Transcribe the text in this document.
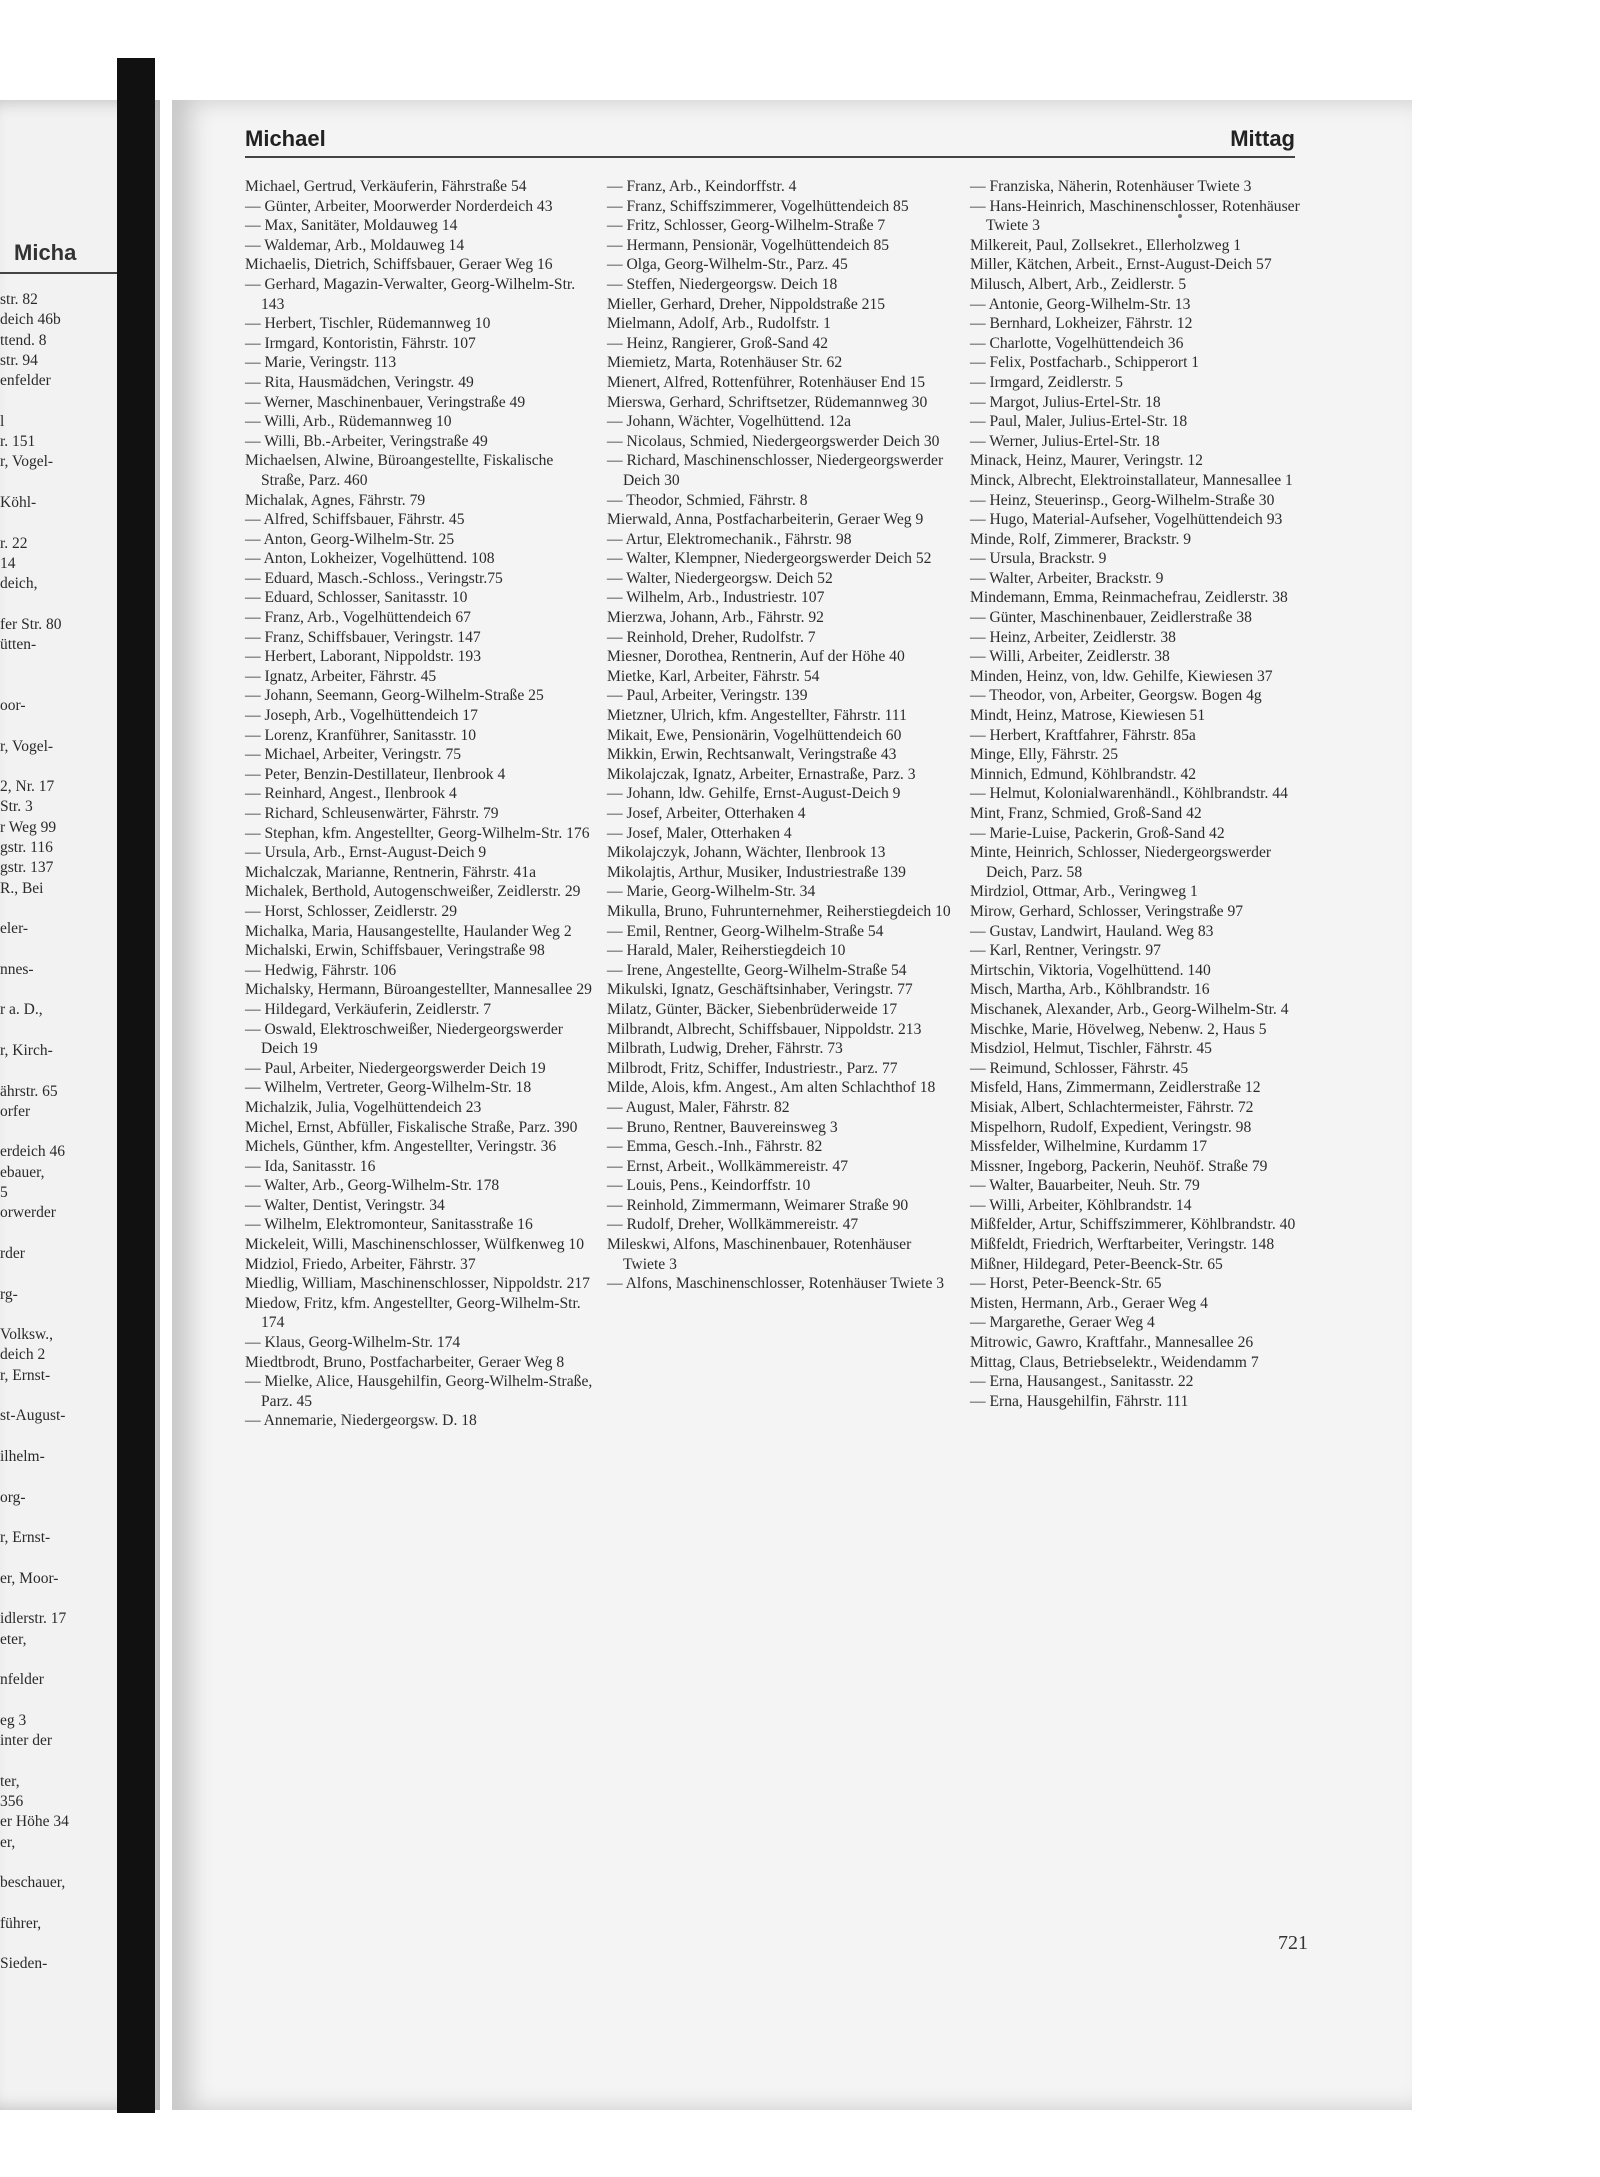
Micha
str. 82
deich 46b
ttend. 8
str. 94
enfelder
l
r. 151
r, Vogel-
Köhl-
r. 22
14
deich,
fer Str. 80
ütten-
oor-
r, Vogel-
2, Nr. 17
Str. 3
r Weg 99
gstr. 116
gstr. 137
R., Bei
eler-
nnes-
r a. D.,
r, Kirch-
ährstr. 65
orfer
erdeich 46
ebauer,
5
orwerder
rder
rg-
Volksw.,
deich 2
r, Ernst-
st-August-
ilhelm-
org-
r, Ernst-
er, Moor-
idlerstr. 17
eter,
nfelder
eg 3
inter der
ter,
356
er Höhe 34
er,
beschauer,
führer,
Sieden-
Michael	Mittag
Michael, Gertrud, Verkäuferin, Fährstraße 54
— Günter, Arbeiter, Moorwerder Norderdeich 43
— Max, Sanitäter, Moldauweg 14
— Waldemar, Arb., Moldauweg 14
Michaelis, Dietrich, Schiffsbauer, Geraer Weg 16
— Gerhard, Magazin-Verwalter, Georg-Wilhelm-Str. 143
— Herbert, Tischler, Rüdemannweg 10
— Irmgard, Kontoristin, Fährstr. 107
— Marie, Veringstr. 113
— Rita, Hausmädchen, Veringstr. 49
— Werner, Maschinenbauer, Veringstraße 49
— Willi, Arb., Rüdemannweg 10
— Willi, Bb.-Arbeiter, Veringstraße 49
Michaelsen, Alwine, Büroangestellte, Fiskalische Straße, Parz. 460
Michalak, Agnes, Fährstr. 79
— Alfred, Schiffsbauer, Fährstr. 45
— Anton, Georg-Wilhelm-Str. 25
— Anton, Lokheizer, Vogelhüttend. 108
— Eduard, Masch.-Schloss., Veringstr.75
— Eduard, Schlosser, Sanitasstr. 10
— Franz, Arb., Vogelhüttendeich 67
— Franz, Schiffsbauer, Veringstr. 147
— Herbert, Laborant, Nippoldstr. 193
— Ignatz, Arbeiter, Fährstr. 45
— Johann, Seemann, Georg-Wilhelm-Straße 25
— Joseph, Arb., Vogelhüttendeich 17
— Lorenz, Kranführer, Sanitasstr. 10
— Michael, Arbeiter, Veringstr. 75
— Peter, Benzin-Destillateur, Ilenbrook 4
— Reinhard, Angest., Ilenbrook 4
— Richard, Schleusenwärter, Fährstr. 79
— Stephan, kfm. Angestellter, Georg-Wilhelm-Str. 176
— Ursula, Arb., Ernst-August-Deich 9
Michalczak, Marianne, Rentnerin, Fährstr. 41a
Michalek, Berthold, Autogenschweißer, Zeidlerstr. 29
— Horst, Schlosser, Zeidlerstr. 29
Michalka, Maria, Hausangestellte, Haulander Weg 2
Michalski, Erwin, Schiffsbauer, Veringstraße 98
— Hedwig, Fährstr. 106
Michalsky, Hermann, Büroangestellter, Mannesallee 29
— Hildegard, Verkäuferin, Zeidlerstr. 7
— Oswald, Elektroschweißer, Niedergeorgswerder Deich 19
— Paul, Arbeiter, Niedergeorgswerder Deich 19
— Wilhelm, Vertreter, Georg-Wilhelm-Str. 18
Michalzik, Julia, Vogelhüttendeich 23
Michel, Ernst, Abfüller, Fiskalische Straße, Parz. 390
Michels, Günther, kfm. Angestellter, Veringstr. 36
— Ida, Sanitasstr. 16
— Walter, Arb., Georg-Wilhelm-Str. 178
— Walter, Dentist, Veringstr. 34
— Wilhelm, Elektromonteur, Sanitasstraße 16
Mickeleit, Willi, Maschinenschlosser, Wülfkenweg 10
Midziol, Friedo, Arbeiter, Fährstr. 37
Miedlig, William, Maschinenschlosser, Nippoldstr. 217
Miedow, Fritz, kfm. Angestellter, Georg-Wilhelm-Str. 174
— Klaus, Georg-Wilhelm-Str. 174
Miedtbrodt, Bruno, Postfacharbeiter, Geraer Weg 8
— Mielke, Alice, Hausgehilfin, Georg-Wilhelm-Straße, Parz. 45
— Annemarie, Niedergeorgsw. D. 18
— Franz, Arb., Keindorffstr. 4
— Franz, Schiffszimmerer, Vogelhüttendeich 85
— Fritz, Schlosser, Georg-Wilhelm-Straße 7
— Hermann, Pensionär, Vogelhüttendeich 85
— Olga, Georg-Wilhelm-Str., Parz. 45
— Steffen, Niedergeorgsw. Deich 18
Mieller, Gerhard, Dreher, Nippoldstraße 215
Mielmann, Adolf, Arb., Rudolfstr. 1
— Heinz, Rangierer, Groß-Sand 42
Miemietz, Marta, Rotenhäuser Str. 62
Mienert, Alfred, Rottenführer, Rotenhäuser End 15
Mierswa, Gerhard, Schriftsetzer, Rüdemannweg 30
— Johann, Wächter, Vogelhüttend. 12a
— Nicolaus, Schmied, Niedergeorgswerder Deich 30
— Richard, Maschinenschlosser, Niedergeorgswerder Deich 30
— Theodor, Schmied, Fährstr. 8
Mierwald, Anna, Postfacharbeiterin, Geraer Weg 9
— Artur, Elektromechanik., Fährstr. 98
— Walter, Klempner, Niedergeorgswerder Deich 52
— Walter, Niedergeorgsw. Deich 52
— Wilhelm, Arb., Industriestr. 107
Mierzwa, Johann, Arb., Fährstr. 92
— Reinhold, Dreher, Rudolfstr. 7
Miesner, Dorothea, Rentnerin, Auf der Höhe 40
Mietke, Karl, Arbeiter, Fährstr. 54
— Paul, Arbeiter, Veringstr. 139
Mietzner, Ulrich, kfm. Angestellter, Fährstr. 111
Mikait, Ewe, Pensionärin, Vogelhüttendeich 60
Mikkin, Erwin, Rechtsanwalt, Veringstraße 43
Mikolajczak, Ignatz, Arbeiter, Ernastraße, Parz. 3
— Johann, ldw. Gehilfe, Ernst-August-Deich 9
— Josef, Arbeiter, Otterhaken 4
— Josef, Maler, Otterhaken 4
Mikolajczyk, Johann, Wächter, Ilenbrook 13
Mikolajtis, Arthur, Musiker, Industriestraße 139
— Marie, Georg-Wilhelm-Str. 34
Mikulla, Bruno, Fuhrunternehmer, Reiherstiegdeich 10
— Emil, Rentner, Georg-Wilhelm-Straße 54
— Harald, Maler, Reiherstiegdeich 10
— Irene, Angestellte, Georg-Wilhelm-Straße 54
Mikulski, Ignatz, Geschäftsinhaber, Veringstr. 77
Milatz, Günter, Bäcker, Siebenbrüderweide 17
Milbrandt, Albrecht, Schiffsbauer, Nippoldstr. 213
Milbrath, Ludwig, Dreher, Fährstr. 73
Milbrodt, Fritz, Schiffer, Industriestr., Parz. 77
Milde, Alois, kfm. Angest., Am alten Schlachthof 18
— August, Maler, Fährstr. 82
— Bruno, Rentner, Bauvereinsweg 3
— Emma, Gesch.-Inh., Fährstr. 82
— Ernst, Arbeit., Wollkämmereistr. 47
— Louis, Pens., Keindorffstr. 10
— Reinhold, Zimmermann, Weimarer Straße 90
— Rudolf, Dreher, Wollkämmereistr. 47
Mileskwi, Alfons, Maschinenbauer, Rotenhäuser Twiete 3
— Alfons, Maschinenschlosser, Rotenhäuser Twiete 3
— Franziska, Näherin, Rotenhäuser Twiete 3
— Hans-Heinrich, Maschinenschlosser, Rotenhäuser Twiete 3
Milkereit, Paul, Zollsekret., Ellerholzweg 1
Miller, Kätchen, Arbeit., Ernst-August-Deich 57
Milusch, Albert, Arb., Zeidlerstr. 5
— Antonie, Georg-Wilhelm-Str. 13
— Bernhard, Lokheizer, Fährstr. 12
— Charlotte, Vogelhüttendeich 36
— Felix, Postfacharb., Schipperort 1
— Irmgard, Zeidlerstr. 5
— Margot, Julius-Ertel-Str. 18
— Paul, Maler, Julius-Ertel-Str. 18
— Werner, Julius-Ertel-Str. 18
Minack, Heinz, Maurer, Veringstr. 12
Minck, Albrecht, Elektroinstallateur, Mannesallee 1
— Heinz, Steuerinsp., Georg-Wilhelm-Straße 30
— Hugo, Material-Aufseher, Vogelhüttendeich 93
Minde, Rolf, Zimmerer, Brackstr. 9
— Ursula, Brackstr. 9
— Walter, Arbeiter, Brackstr. 9
Mindemann, Emma, Reinmachefrau, Zeidlerstr. 38
— Günter, Maschinenbauer, Zeidlerstraße 38
— Heinz, Arbeiter, Zeidlerstr. 38
— Willi, Arbeiter, Zeidlerstr. 38
Minden, Heinz, von, ldw. Gehilfe, Kiewiesen 37
— Theodor, von, Arbeiter, Georgsw. Bogen 4g
Mindt, Heinz, Matrose, Kiewiesen 51
— Herbert, Kraftfahrer, Fährstr. 85a
Minge, Elly, Fährstr. 25
Minnich, Edmund, Köhlbrandstr. 42
— Helmut, Kolonialwarenhändl., Köhlbrandstr. 44
Mint, Franz, Schmied, Groß-Sand 42
— Marie-Luise, Packerin, Groß-Sand 42
Minte, Heinrich, Schlosser, Niedergeorgswerder Deich, Parz. 58
Mirdziol, Ottmar, Arb., Veringweg 1
Mirow, Gerhard, Schlosser, Veringstraße 97
— Gustav, Landwirt, Hauland. Weg 83
— Karl, Rentner, Veringstr. 97
Mirtschin, Viktoria, Vogelhüttend. 140
Misch, Martha, Arb., Köhlbrandstr. 16
Mischanek, Alexander, Arb., Georg-Wilhelm-Str. 4
Mischke, Marie, Hövelweg, Nebenw. 2, Haus 5
Misdziol, Helmut, Tischler, Fährstr. 45
— Reimund, Schlosser, Fährstr. 45
Misfeld, Hans, Zimmermann, Zeidlerstraße 12
Misiak, Albert, Schlachtermeister, Fährstr. 72
Mispelhorn, Rudolf, Expedient, Veringstr. 98
Missfelder, Wilhelmine, Kurdamm 17
Missner, Ingeborg, Packerin, Neuhöf. Straße 79
— Walter, Bauarbeiter, Neuh. Str. 79
— Willi, Arbeiter, Köhlbrandstr. 14
Mißfelder, Artur, Schiffszimmerer, Köhlbrandstr. 40
Mißfeldt, Friedrich, Werftarbeiter, Veringstr. 148
Mißner, Hildegard, Peter-Beenck-Str. 65
— Horst, Peter-Beenck-Str. 65
Misten, Hermann, Arb., Geraer Weg 4
— Margarethe, Geraer Weg 4
Mitrowic, Gawro, Kraftfahr., Mannesallee 26
Mittag, Claus, Betriebselektr., Weidendamm 7
— Erna, Hausangest., Sanitasstr. 22
— Erna, Hausgehilfin, Fährstr. 111
721
